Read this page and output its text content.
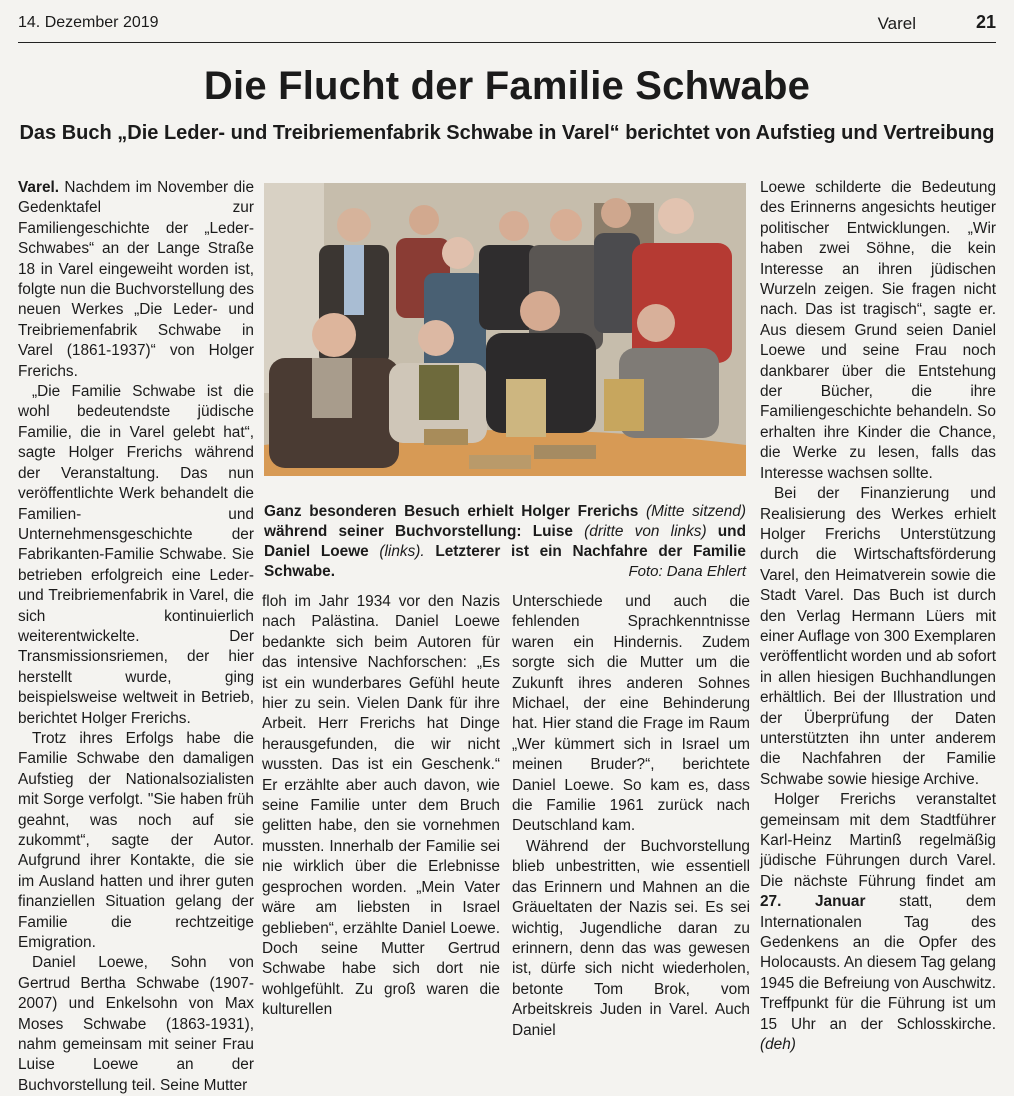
14. Dezember 2019	Varel	21
Die Flucht der Familie Schwabe
Das Buch „Die Leder- und Treibriemenfabrik Schwabe in Varel“ berichtet von Aufstieg und Vertreibung

Varel. Nachdem im November die Gedenktafel zur Familiengeschichte der „Leder-Schwabes“ an der Lange Straße 18 in Varel eingeweiht worden ist, folgte nun die Buchvorstellung des neuen Werkes „Die Leder- und Treibriemenfabrik Schwabe in Varel (1861-1937)“ von Holger Frerichs.

„Die Familie Schwabe ist die wohl bedeutendste jüdische Familie, die in Varel gelebt hat“, sagte Holger Frerichs während der Veranstaltung. Das nun veröffentlichte Werk behandelt die Familien- und Unternehmensgeschichte der Fabrikanten-Familie Schwabe. Sie betrieben erfolgreich eine Leder- und Treibriemenfabrik in Varel, die sich kontinuierlich weiterentwickelte. Der Transmissionsriemen, der hier herstellt wurde, ging beispielsweise weltweit in Betrieb, berichtet Holger Frerichs.

Trotz ihres Erfolgs habe die Familie Schwabe den damaligen Aufstieg der Nationalsozialisten mit Sorge verfolgt. "Sie haben früh geahnt, was noch auf sie zukommt“, sagte der Autor. Aufgrund ihrer Kontakte, die sie im Ausland hatten und ihrer guten finanziellen Situation gelang der Familie die rechtzeitige Emigration.

Daniel Loewe, Sohn von Gertrud Bertha Schwabe (1907-2007) und Enkelsohn von Max Moses Schwabe (1863-1931), nahm gemeinsam mit seiner Frau Luise Loewe an der Buchvorstellung teil. Seine Mutter

Ganz besonderen Besuch erhielt Holger Frerichs (Mitte sitzend) während seiner Buchvorstellung: Luise (dritte von links) und Daniel Loewe (links). Letzterer ist ein Nachfahre der Familie Schwabe.	Foto: Dana Ehlert

floh im Jahr 1934 vor den Nazis nach Palästina. Daniel Loewe bedankte sich beim Autoren für das intensive Nachforschen: „Es ist ein wunderbares Gefühl heute hier zu sein. Vielen Dank für ihre Arbeit. Herr Frerichs hat Dinge herausgefunden, die wir nicht wussten. Das ist ein Geschenk.“ Er erzählte aber auch davon, wie seine Familie unter dem Bruch gelitten habe, den sie vornehmen mussten. Innerhalb der Familie sei nie wirklich über die Erlebnisse gesprochen worden. „Mein Vater wäre am liebsten in Israel geblieben“, erzählte Daniel Loewe. Doch seine Mutter Gertrud Schwabe habe sich dort nie wohlgefühlt. Zu groß waren die kulturellen

Unterschiede und auch die fehlenden Sprachkenntnisse waren ein Hindernis. Zudem sorgte sich die Mutter um die Zukunft ihres anderen Sohnes Michael, der eine Behinderung hat. Hier stand die Frage im Raum „Wer kümmert sich in Israel um meinen Bruder?“, berichtete Daniel Loewe. So kam es, dass die Familie 1961 zurück nach Deutschland kam.

Während der Buchvorstellung blieb unbestritten, wie essentiell das Erinnern und Mahnen an die Gräueltaten der Nazis sei. Es sei wichtig, Jugendliche daran zu erinnern, denn das was gewesen ist, dürfe sich nicht wiederholen, betonte Tom Brok, vom Arbeitskreis Juden in Varel. Auch Daniel

Loewe schilderte die Bedeutung des Erinnerns angesichts heutiger politischer Entwicklungen. „Wir haben zwei Söhne, die kein Interesse an ihren jüdischen Wurzeln zeigen. Sie fragen nicht nach. Das ist tragisch“, sagte er. Aus diesem Grund seien Daniel Loewe und seine Frau noch dankbarer über die Entstehung der Bücher, die ihre Familiengeschichte behandeln. So erhalten ihre Kinder die Chance, die Werke zu lesen, falls das Interesse wachsen sollte.

Bei der Finanzierung und Realisierung des Werkes erhielt Holger Frerichs Unterstützung durch die Wirtschaftsförderung Varel, den Heimatverein sowie die Stadt Varel. Das Buch ist durch den Verlag Hermann Lüers mit einer Auflage von 300 Exemplaren veröffentlicht worden und ab sofort in allen hiesigen Buchhandlungen erhältlich. Bei der Illustration und der Überprüfung der Daten unterstützten ihn unter anderem die Nachfahren der Familie Schwabe sowie hiesige Archive.

Holger Frerichs veranstaltet gemeinsam mit dem Stadtführer Karl-Heinz Martinß regelmäßig jüdische Führungen durch Varel. Die nächste Führung findet am 27. Januar statt, dem Internationalen Tag des Gedenkens an die Opfer des Holocausts. An diesem Tag gelang 1945 die Befreiung von Auschwitz. Treffpunkt für die Führung ist um 15 Uhr an der Schlosskirche. (deh)
